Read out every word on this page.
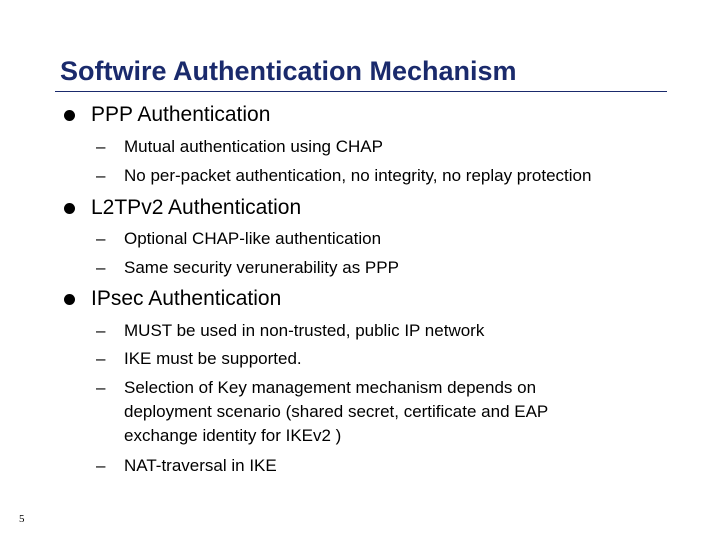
Softwire Authentication Mechanism
PPP Authentication
– Mutual authentication using CHAP
– No per-packet authentication, no integrity, no replay protection
L2TPv2 Authentication
– Optional CHAP-like authentication
– Same security verunerability as PPP
IPsec Authentication
– MUST be used in non-trusted, public IP network
– IKE must be supported.
– Selection of Key management mechanism depends on
deployment scenario (shared secret, certificate and EAP
exchange identity for IKEv2 )
– NAT-traversal in IKE
5
